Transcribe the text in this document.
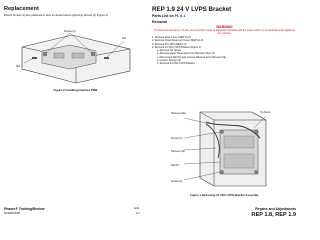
Replacement
Ensure Screws (2) are positioned in slots as shown before tightening Screws (2) (Figure 2).
Screws (2)
Slot
Slot
Figure 2 Installing Interface PWB
REP 1.9 24 V LVPS Bracket
Parts List on PL 8.1
Removal
WARNING
To avoid personal injury or shock, do not perform repair or adjustment activities with the power switch on or electrical power applied to the machine.
1. Remove Rear Cover (REP 14.2).
2. Remove Upper Rear Left Cover (REP 14.3).
3. Remove 5V LVPS (REP 1.3).
4. Remove 24 VDC LVPS Bracket (Figure 1):
a. Remove Tie Screw.
b. Remove upper Harnesses from Harness Clips (3).
c. Disconnect Flat P/J and remove Harness from Harness Clip.
d. Loosen Screws (4).
e. Remove 24 VDC LVPS Bracket.
Harness Clips	Tie Screw
Screws (2)
Harness Clip
Flat P/J
Screws (2)
Figure 1 Removing 24 VDC LVPS Bracket Assembly
Phaser® Training/Review
02/1905/2009
4/44
4-7
Repairs and Adjustments
REP 1.8, REP 1.9
